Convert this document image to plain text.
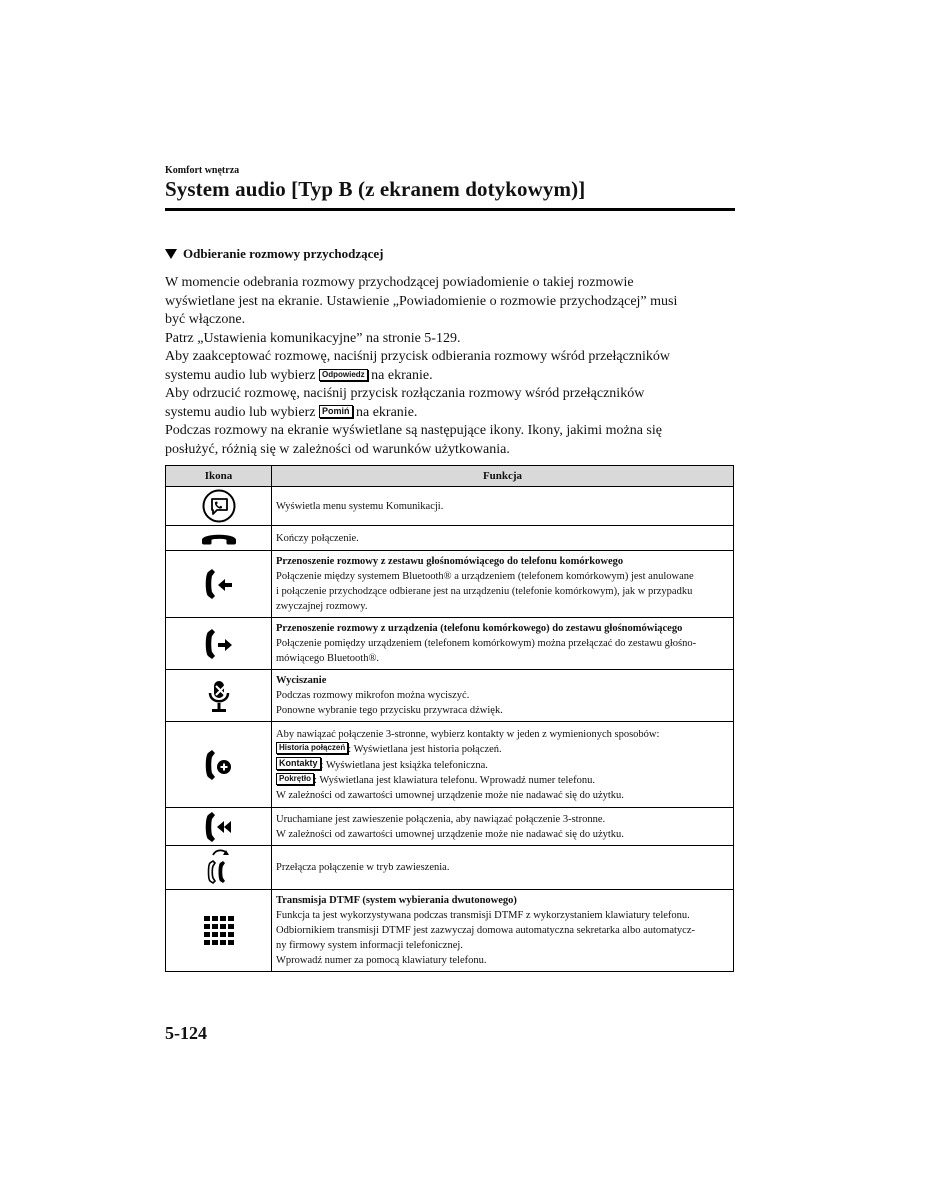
Komfort wnętrza
System audio [Typ B (z ekranem dotykowym)]
Odbieranie rozmowy przychodzącej

W momencie odebrania rozmowy przychodzącej powiadomienie o takiej rozmowie
wyświetlane jest na ekranie. Ustawienie „Powiadomienie o rozmowie przychodzącej” musi
być włączone.

Patrz „Ustawienia komunikacyjne” na stronie 5-129.

Aby zaakceptować rozmowę, naciśnij przycisk odbierania rozmowy wśród przełączników
systemu audio lub wybierz Odpowiedz na ekranie.

Aby odrzucić rozmowę, naciśnij przycisk rozłączania rozmowy wśród przełączników
systemu audio lub wybierz Pomiń na ekranie.

Podczas rozmowy na ekranie wyświetlane są następujące ikony. Ikony, jakimi można się
posłużyć, różnią się w zależności od warunków użytkowania.

Ikona	Funkcja

	Wyświetla menu systemu Komunikacji.

	Kończy połączenie.

Przenoszenie rozmowy z zestawu głośnomówiącego do telefonu komórkowego
Połączenie między systemem Bluetooth® a urządzeniem (telefonem komórkowym) jest anulowane
i połączenie przychodzące odbierane jest na urządzeniu (telefonie komórkowym), jak w przypadku
zwyczajnej rozmowy.

Przenoszenie rozmowy z urządzenia (telefonu komórkowego) do zestawu głośnomówiącego
Połączenie pomiędzy urządzeniem (telefonem komórkowym) można przełączać do zestawu głośno-
mówiącego Bluetooth®.

Wyciszanie
Podczas rozmowy mikrofon można wyciszyć.
Ponowne wybranie tego przycisku przywraca dźwięk.

Aby nawiązać połączenie 3-stronne, wybierz kontakty w jeden z wymienionych sposobów:
Historia połączeń : Wyświetlana jest historia połączeń.
Kontakty : Wyświetlana jest książka telefoniczna.
Pokrętło : Wyświetlana jest klawiatura telefonu. Wprowadź numer telefonu.
W zależności od zawartości umownej urządzenie może nie nadawać się do użytku.

Uruchamiane jest zawieszenie połączenia, aby nawiązać połączenie 3-stronne.
W zależności od zawartości umownej urządzenie może nie nadawać się do użytku.

	Przełącza połączenie w tryb zawieszenia.

Transmisja DTMF (system wybierania dwutonowego)
Funkcja ta jest wykorzystywana podczas transmisji DTMF z wykorzystaniem klawiatury telefonu.
Odbiornikiem transmisji DTMF jest zazwyczaj domowa automatyczna sekretarka albo automatycz-
ny firmowy system informacji telefonicznej.
Wprowadź numer za pomocą klawiatury telefonu.
5-124
